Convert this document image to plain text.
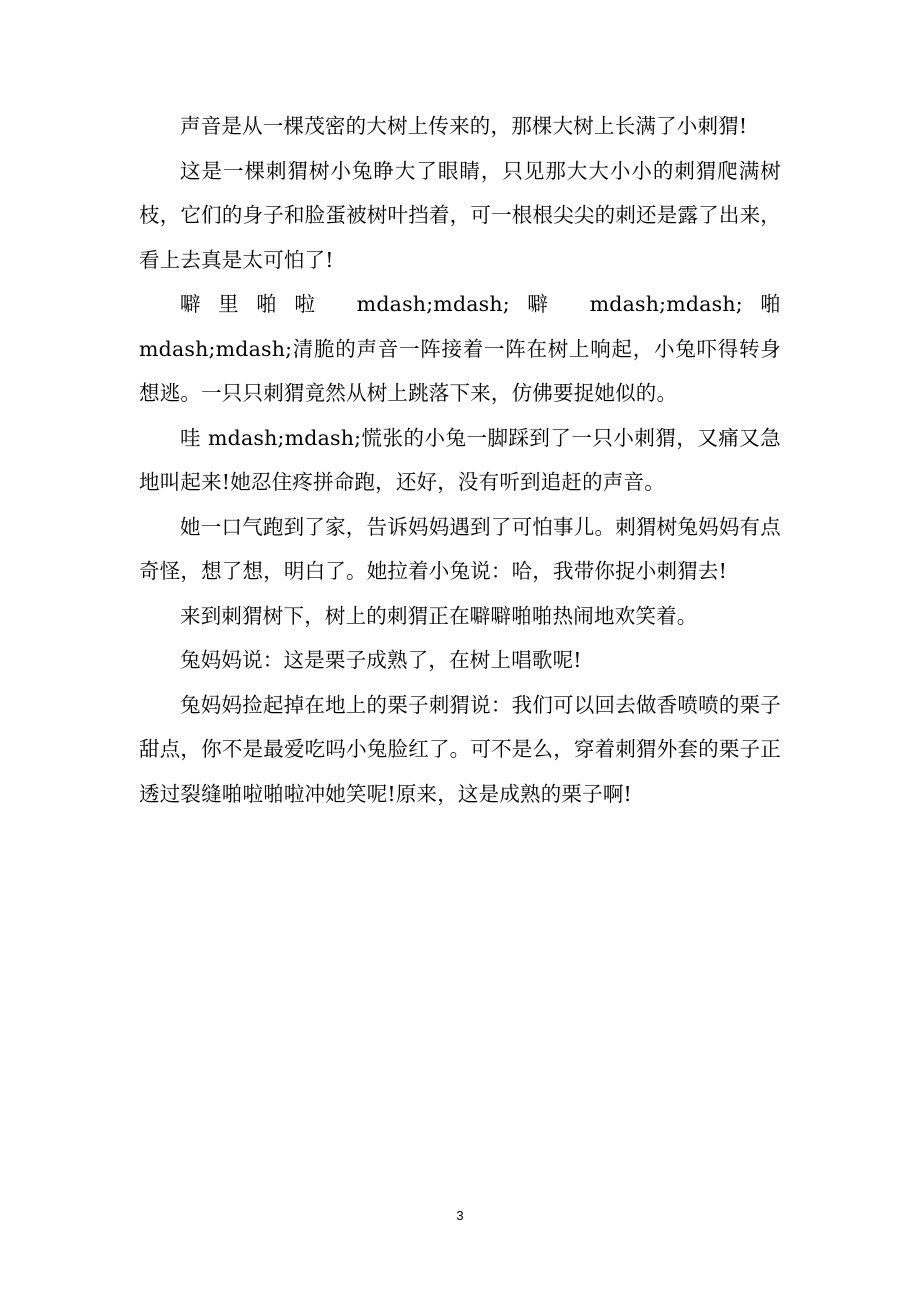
声音是从一棵茂密的大树上传来的，那棵大树上长满了小刺猬!

这是一棵刺猬树小兔睁大了眼睛，只见那大大小小的刺猬爬满树枝，它们的身子和脸蛋被树叶挡着，可一根根尖尖的刺还是露了出来，看上去真是太可怕了!

噼里啪啦 mdash;mdash;噼 mdash;mdash;啪 mdash;mdash;清脆的声音一阵接着一阵在树上响起，小兔吓得转身想逃。一只只刺猬竟然从树上跳落下来，仿佛要捉她似的。

哇 mdash;mdash;慌张的小兔一脚踩到了一只小刺猬，又痛又急地叫起来!她忍住疼拼命跑，还好，没有听到追赶的声音。

她一口气跑到了家，告诉妈妈遇到了可怕事儿。刺猬树兔妈妈有点奇怪，想了想，明白了。她拉着小兔说：哈，我带你捉小刺猬去!

来到刺猬树下，树上的刺猬正在噼噼啪啪热闹地欢笑着。

兔妈妈说：这是栗子成熟了，在树上唱歌呢!

兔妈妈捡起掉在地上的栗子刺猬说：我们可以回去做香喷喷的栗子甜点，你不是最爱吃吗小兔脸红了。可不是么，穿着刺猬外套的栗子正透过裂缝啪啦啪啦冲她笑呢!原来，这是成熟的栗子啊!

3
